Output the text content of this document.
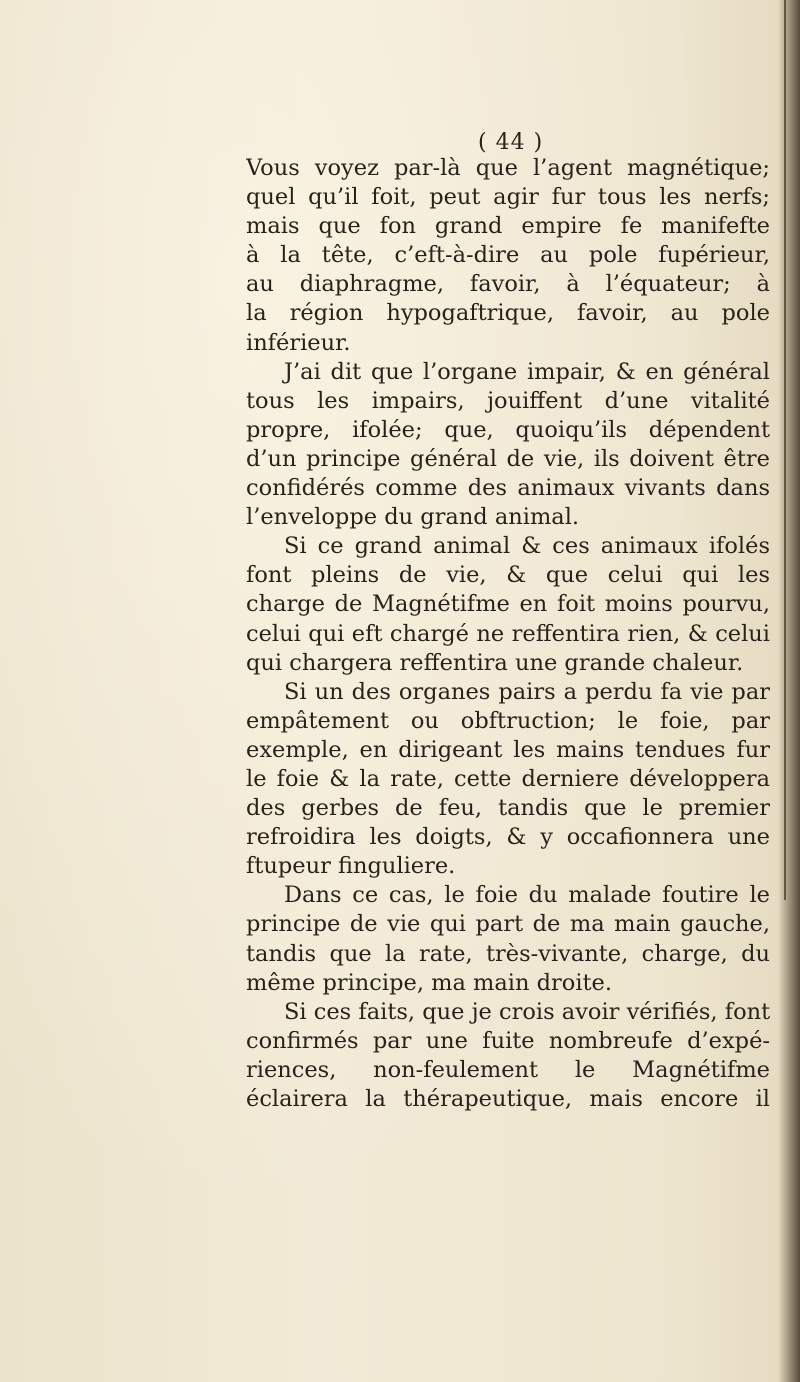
( 44 )
Vous voyez par-là que l’agent magnétique;
quel qu’il foit, peut agir fur tous les nerfs;
mais que fon grand empire fe manifefte
à la tête, c’eft-à-dire au pole fupérieur,
au diaphragme, favoir, à l’équateur; à
la région hypogaftrique, favoir, au pole
inférieur.
J’ai dit que l’organe impair, & en général
tous les impairs, jouiffent d’une vitalité
propre, ifolée; que, quoiqu’ils dépendent
d’un principe général de vie, ils doivent être
confidérés comme des animaux vivants dans
l’enveloppe du grand animal.
Si ce grand animal & ces animaux ifolés
font pleins de vie, & que celui qui les
charge de Magnétifme en foit moins pourvu,
celui qui eft chargé ne reffentira rien, & celui
qui chargera reffentira une grande chaleur.
Si un des organes pairs a perdu fa vie par
empâtement ou obftruction; le foie, par
exemple, en dirigeant les mains tendues fur
le foie & la rate, cette derniere développera
des gerbes de feu, tandis que le premier
refroidira les doigts, & y occafionnera une
ftupeur finguliere.
Dans ce cas, le foie du malade foutire le
principe de vie qui part de ma main gauche,
tandis que la rate, très-vivante, charge, du
même principe, ma main droite.
Si ces faits, que je crois avoir vérifiés, font
confirmés par une fuite nombreufe d’expé-
riences, non-feulement le Magnétifme
éclairera la thérapeutique, mais encore il
